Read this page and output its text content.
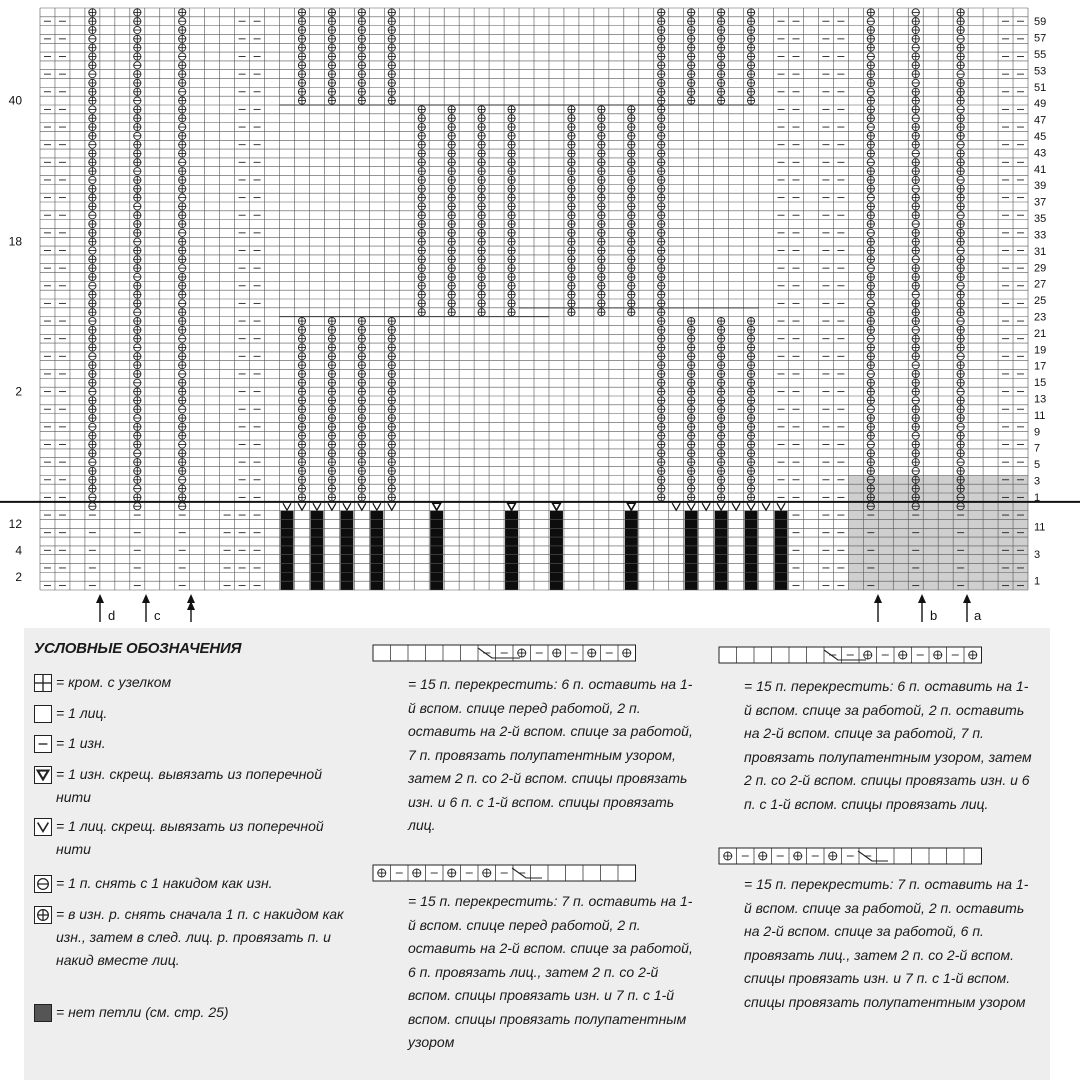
40
18
2
12
4
2
59
57
55
53
51
49
47
45
43
41
39
37
35
33
31
29
27
25
23
21
19
17
15
13
11
9
7
5
3
1
11
3
1
d	c	b	a
УСЛОВНЫЕ ОБОЗНАЧЕНИЯ
= кром. с узелком
= 1 лиц.
= 1 изн.
= 1 изн. скрещ. вывязать из поперечной нити
= 1 лиц. скрещ. вывязать из поперечной нити
= 1 п. снять с 1 накидом как изн.
= в изн. р. снять сначала 1 п. с накидом как изн., затем в след. лиц. р. провязать п. и накид вместе лиц.
= нет петли (см. стр. 25)
= 15 п. перекрестить: 6 п. оставить на 1-й вспом. спице перед работой, 2 п. оставить на 2-й вспом. спице за работой, 7 п. провязать полупатентным узором, затем 2 п. со 2-й вспом. спицы провязать изн. и 6 п. с 1-й вспом. спицы провязать лиц.
= 15 п. перекрестить: 7 п. оставить на 1-й вспом. спице перед работой, 2 п. оставить на 2-й вспом. спице за работой, 6 п. провязать лиц., затем 2 п. со 2-й вспом. спицы провязать изн. и 7 п. с 1-й вспом. спицы провязать полупатентным узором
= 15 п. перекрестить: 6 п. оставить на 1-й вспом. спице за работой, 2 п. оставить на 2-й вспом. спице за работой, 7 п. провязать полупатентным узором, затем 2 п. со 2-й вспом. спицы провязать изн. и 6 п. с 1-й вспом. спицы провязать лиц.
= 15 п. перекрестить: 7 п. оставить на 1-й вспом. спице за работой, 2 п. оставить на 2-й вспом. спице за работой, 6 п. провязать лиц., затем 2 п. со 2-й вспом. спицы провязать изн. и 7 п. с 1-й вспом. спицы провязать полупатентным узором
